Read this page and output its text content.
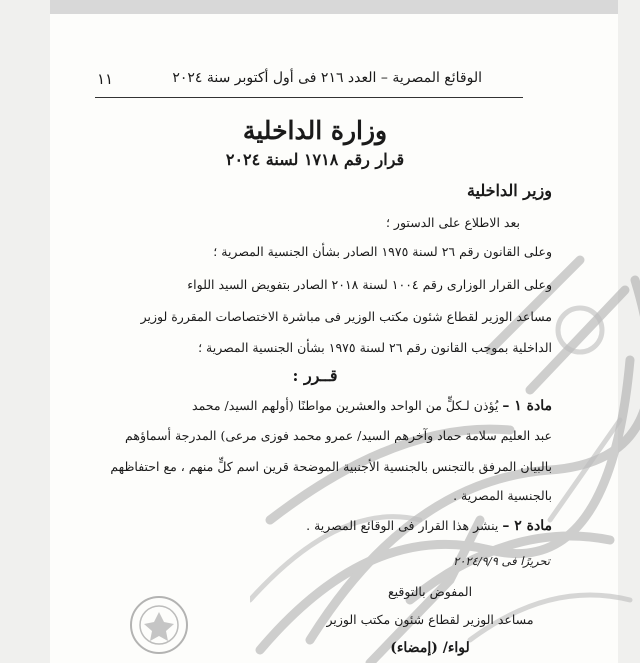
١١	الوقائع المصرية – العدد ٢١٦ فى أول أكتوبر سنة ٢٠٢٤
وزارة الداخلية
قرار رقم ١٧١٨ لسنة ٢٠٢٤
وزير الداخلية
بعد الاطلاع على الدستور ؛
وعلى القانون رقم ٢٦ لسنة ١٩٧٥ الصادر بشأن الجنسية المصرية ؛
وعلى القرار الوزارى رقم ١٠٠٤ لسنة ٢٠١٨ الصادر بتفويض السيد اللواء
مساعد الوزير لقطاع شئون مكتب الوزير فى مباشرة الاختصاصات المقررة لوزير
الداخلية بموجب القانون رقم ٢٦ لسنة ١٩٧٥ بشأن الجنسية المصرية ؛
قــرر :
مادة ١ – يُؤذن لـكلٍّ من الواحد والعشرين مواطنًا (أولهم السيد/ محمد
عبد العليم سلامة حماد وآخرهم السيد/ عمرو محمد فوزى مرعى) المدرجة أسماؤهم
بالبيان المرفق بالتجنس بالجنسية الأجنبية الموضحة قرين اسم كلٍّ منهم ، مع احتفاظهم
بالجنسية المصرية .
مادة ٢ – ينشر هذا القرار فى الوقائع المصرية .
تحريرًا فى ٢٠٢٤/٩/٩
المفوض بالتوقيع
مساعد الوزير لقطاع شئون مكتب الوزير
لواء/ (إمضاء)
